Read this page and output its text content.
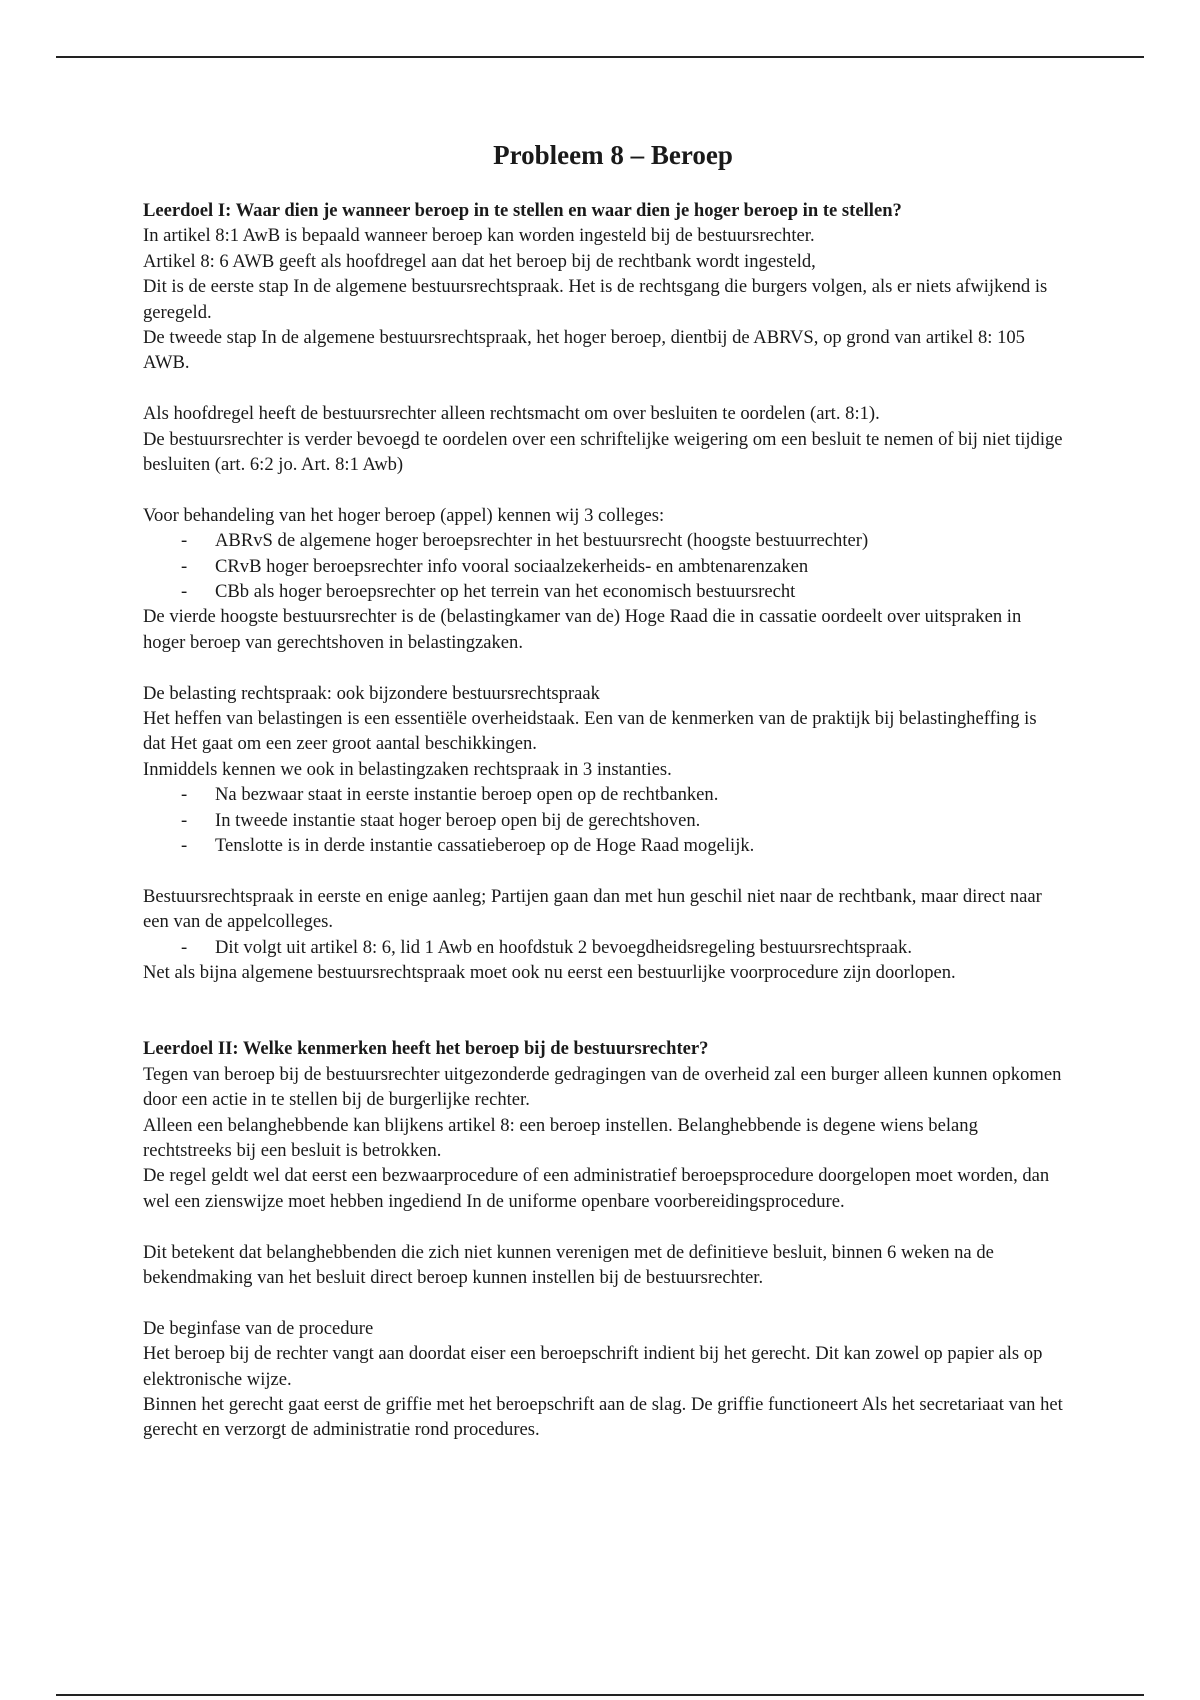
Probleem 8 – Beroep

Leerdoel I: Waar dien je wanneer beroep in te stellen en waar dien je hoger beroep in te stellen?

In artikel 8:1 AwB is bepaald wanneer beroep kan worden ingesteld bij de bestuursrechter.

Artikel 8: 6 AWB geeft als hoofdregel aan dat het beroep bij de rechtbank wordt ingesteld,

Dit is de eerste stap In de algemene bestuursrechtspraak. Het is de rechtsgang die burgers volgen, als er niets afwijkend is geregeld.

De tweede stap In de algemene bestuursrechtspraak, het hoger beroep, dientbij de ABRVS, op grond van artikel 8: 105 AWB.

Als hoofdregel heeft de bestuursrechter alleen rechtsmacht om over besluiten te oordelen (art. 8:1).

De bestuursrechter is verder bevoegd te oordelen over een schriftelijke weigering om een besluit te nemen of bij niet tijdige besluiten (art. 6:2 jo. Art. 8:1 Awb)

Voor behandeling van het hoger beroep (appel) kennen wij 3 colleges:

- ABRvS de algemene hoger beroepsrechter in het bestuursrecht (hoogste bestuurrechter)
- CRvB hoger beroepsrechter info vooral sociaalzekerheids- en ambtenarenzaken
- CBb als hoger beroepsrechter op het terrein van het economisch bestuursrecht

De vierde hoogste bestuursrechter is de (belastingkamer van de) Hoge Raad die in cassatie oordeelt over uitspraken in hoger beroep van gerechtshoven in belastingzaken.

De belasting rechtspraak: ook bijzondere bestuursrechtspraak

Het heffen van belastingen is een essentiële overheidstaak. Een van de kenmerken van de praktijk bij belastingheffing is dat Het gaat om een zeer groot aantal beschikkingen.

Inmiddels kennen we ook in belastingzaken rechtspraak in 3 instanties.

- Na bezwaar staat in eerste instantie beroep open op de rechtbanken.
- In tweede instantie staat hoger beroep open bij de gerechtshoven.
- Tenslotte is in derde instantie cassatieberoep op de Hoge Raad mogelijk.

Bestuursrechtspraak in eerste en enige aanleg; Partijen gaan dan met hun geschil niet naar de rechtbank, maar direct naar een van de appelcolleges.

- Dit volgt uit artikel 8: 6, lid 1 Awb en hoofdstuk 2 bevoegdheidsregeling bestuursrechtspraak.

Net als bijna algemene bestuursrechtspraak moet ook nu eerst een bestuurlijke voorprocedure zijn doorlopen.

Leerdoel II: Welke kenmerken heeft het beroep bij de bestuursrechter?

Tegen van beroep bij de bestuursrechter uitgezonderde gedragingen van de overheid zal een burger alleen kunnen opkomen door een actie in te stellen bij de burgerlijke rechter.

Alleen een belanghebbende kan blijkens artikel 8: een beroep instellen. Belanghebbende is degene wiens belang rechtstreeks bij een besluit is betrokken.

De regel geldt wel dat eerst een bezwaarprocedure of een administratief beroepsprocedure doorgelopen moet worden, dan wel een zienswijze moet hebben ingediend In de uniforme openbare voorbereidingsprocedure.

Dit betekent dat belanghebbenden die zich niet kunnen verenigen met de definitieve besluit, binnen 6 weken na de bekendmaking van het besluit direct beroep kunnen instellen bij de bestuursrechter.

De beginfase van de procedure

Het beroep bij de rechter vangt aan doordat eiser een beroepschrift indient bij het gerecht. Dit kan zowel op papier als op elektronische wijze.

Binnen het gerecht gaat eerst de griffie met het beroepschrift aan de slag. De griffie functioneert Als het secretariaat van het gerecht en verzorgt de administratie rond procedures.
